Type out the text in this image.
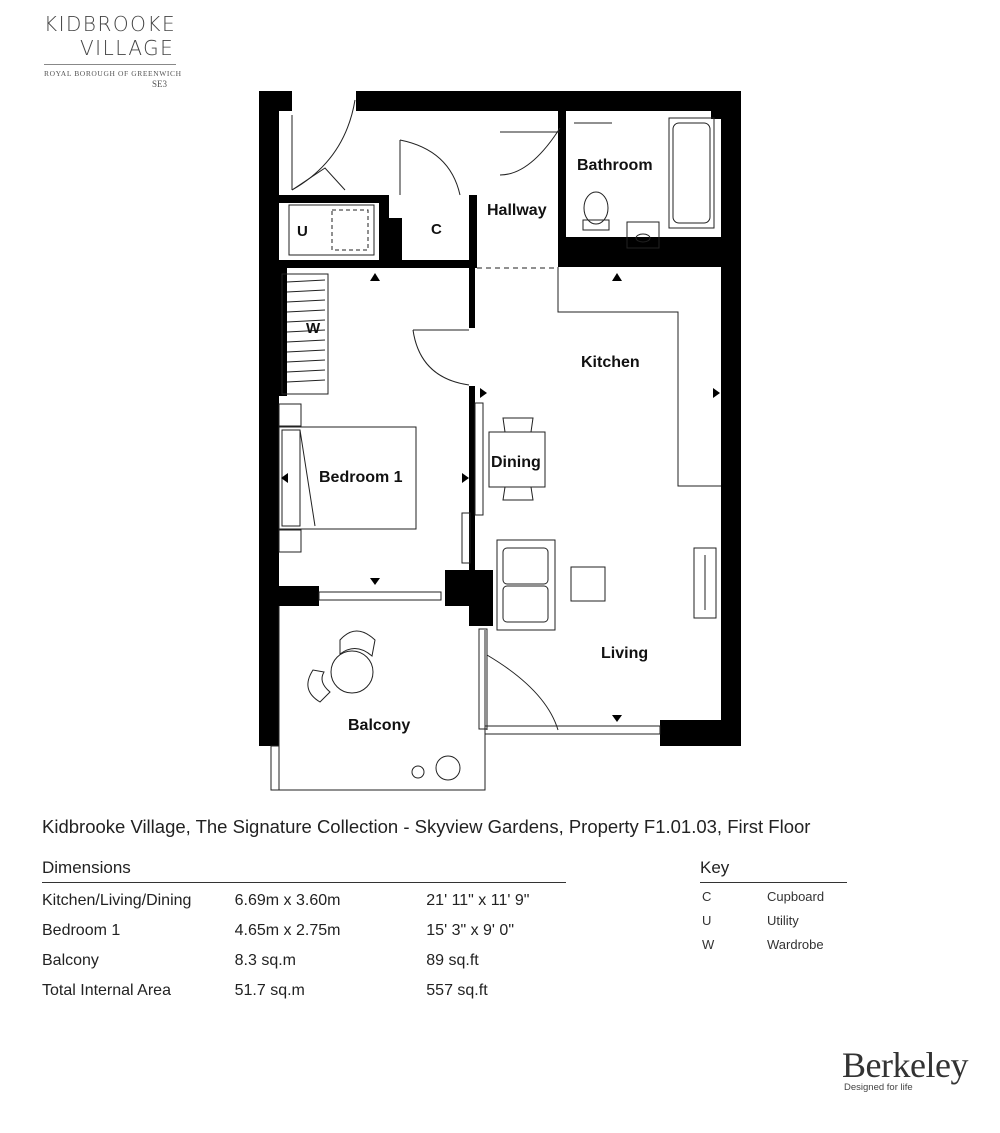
KIDBROOKE
VILLAGE
ROYAL BOROUGH OF GREENWICH
SE3
Bathroom
Hallway
U	C
W
Kitchen
Dining
Bedroom 1
Living
Balcony
Kidbrooke Village, The Signature Collection - Skyview Gardens, Property F1.01.03, First Floor
Dimensions
Kitchen/Living/Dining	6.69m x 3.60m	21' 11" x 11' 9"
Bedroom 1	4.65m x 2.75m	15' 3" x 9' 0"
Balcony	8.3 sq.m	89 sq.ft
Total Internal Area	51.7 sq.m	557 sq.ft
Key
C	Cupboard
U	Utility
W	Wardrobe
Berkeley
Designed for life
